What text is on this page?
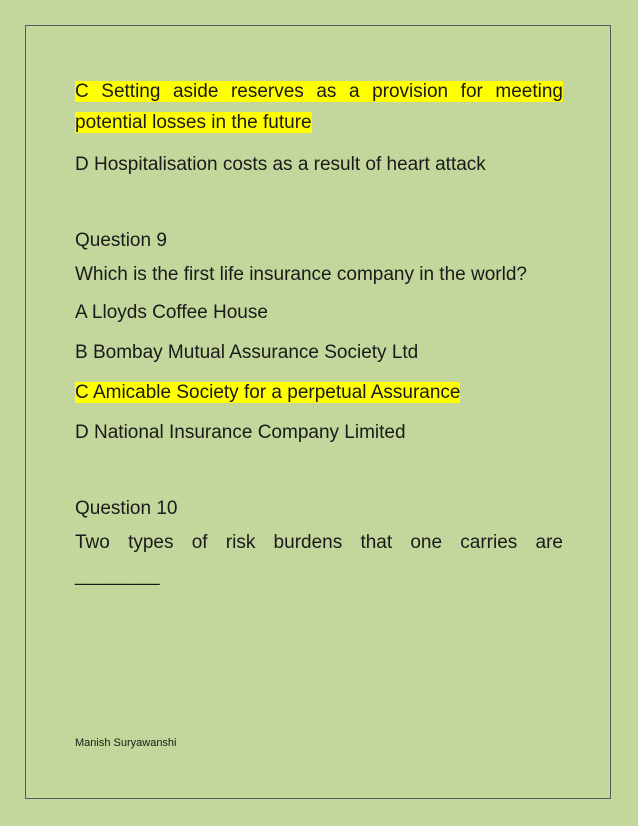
C Setting aside reserves as a provision for meeting potential losses in the future

D Hospitalisation costs as a result of heart attack

Question 9

Which is the first life insurance company in the world?

A Lloyds Coffee House

B Bombay Mutual Assurance Society Ltd

C Amicable Society for a perpetual Assurance

D National Insurance Company Limited

Question 10

Two types of risk burdens that one carries are

________

Manish Suryawanshi
